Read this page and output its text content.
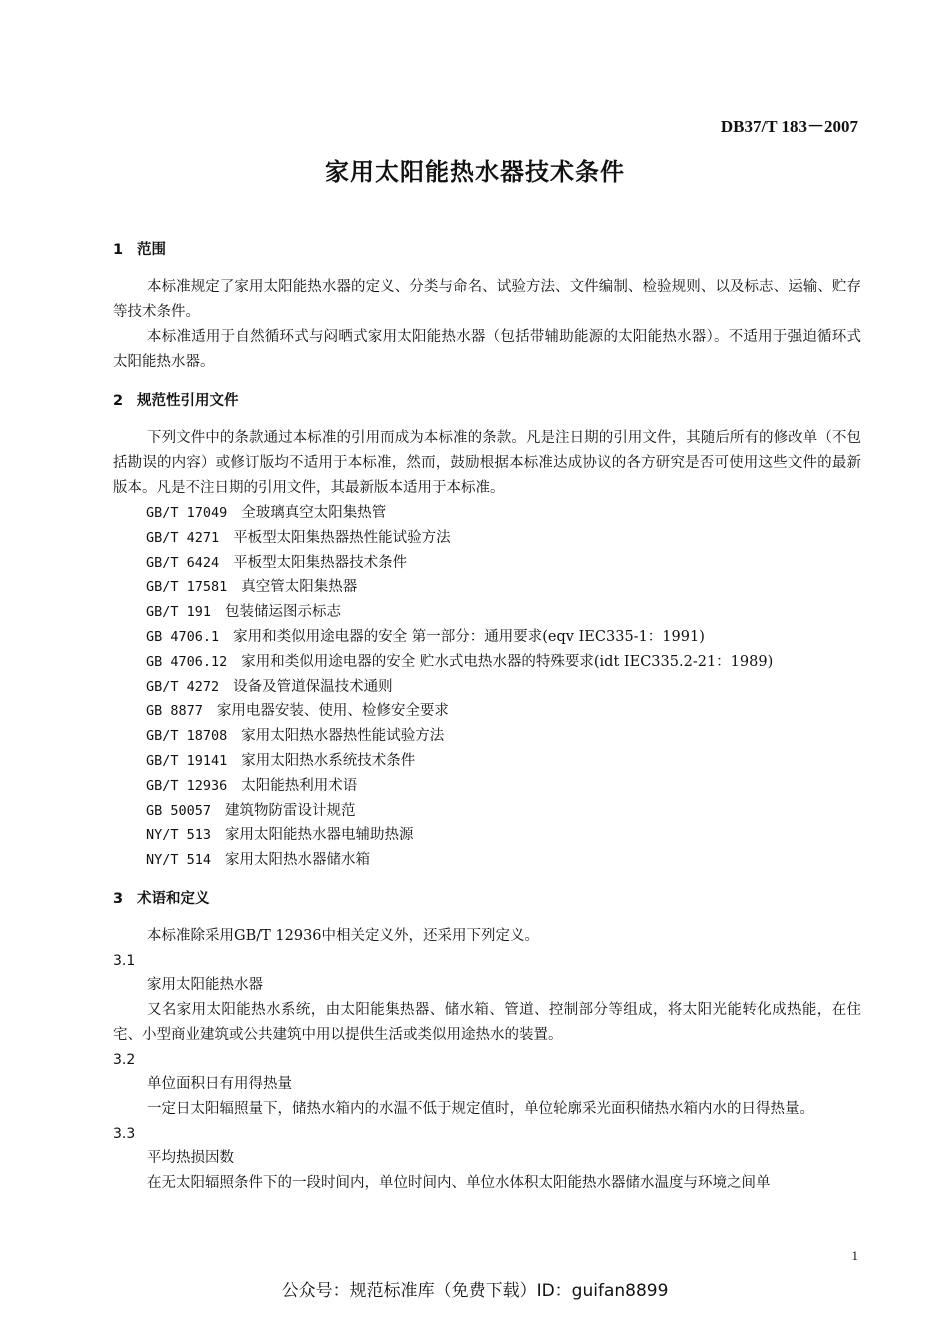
DB37/T 183－2007
家用太阳能热水器技术条件
1 范围

本标准规定了家用太阳能热水器的定义、分类与命名、试验方法、文件编制、检验规则、以及标志、运输、贮存等技术条件。

本标准适用于自然循环式与闷晒式家用太阳能热水器（包括带辅助能源的太阳能热水器）。不适用于强迫循环式太阳能热水器。

2 规范性引用文件

下列文件中的条款通过本标准的引用而成为本标准的条款。凡是注日期的引用文件，其随后所有的修改单（不包括勘误的内容）或修订版均不适用于本标准，然而，鼓励根据本标准达成协议的各方研究是否可使用这些文件的最新版本。凡是不注日期的引用文件，其最新版本适用于本标准。

GB/T 17049 全玻璃真空太阳集热管
GB/T 4271 平板型太阳集热器热性能试验方法
GB/T 6424 平板型太阳集热器技术条件
GB/T 17581 真空管太阳集热器
GB/T 191 包装储运图示标志
GB 4706.1 家用和类似用途电器的安全 第一部分：通用要求(eqv IEC335-1：1991)
GB 4706.12 家用和类似用途电器的安全 贮水式电热水器的特殊要求(idt IEC335.2-21：1989)
GB/T 4272 设备及管道保温技术通则
GB 8877 家用电器安装、使用、检修安全要求
GB/T 18708 家用太阳热水器热性能试验方法
GB/T 19141 家用太阳热水系统技术条件
GB/T 12936 太阳能热利用术语
GB 50057 建筑物防雷设计规范
NY/T 513 家用太阳能热水器电辅助热源
NY/T 514 家用太阳热水器储水箱
3 术语和定义

本标准除采用GB/T 12936中相关定义外，还采用下列定义。

3.1

家用太阳能热水器

又名家用太阳能热水系统，由太阳能集热器、储水箱、管道、控制部分等组成，将太阳光能转化成热能，在住宅、小型商业建筑或公共建筑中用以提供生活或类似用途热水的装置。

3.2

单位面积日有用得热量

一定日太阳辐照量下，储热水箱内的水温不低于规定值时，单位轮廓采光面积储热水箱内水的日得热量。

3.3

平均热损因数

在无太阳辐照条件下的一段时间内，单位时间内、单位水体积太阳能热水器储水温度与环境之间单

1
公众号：规范标准库（免费下载）ID：guifan8899
